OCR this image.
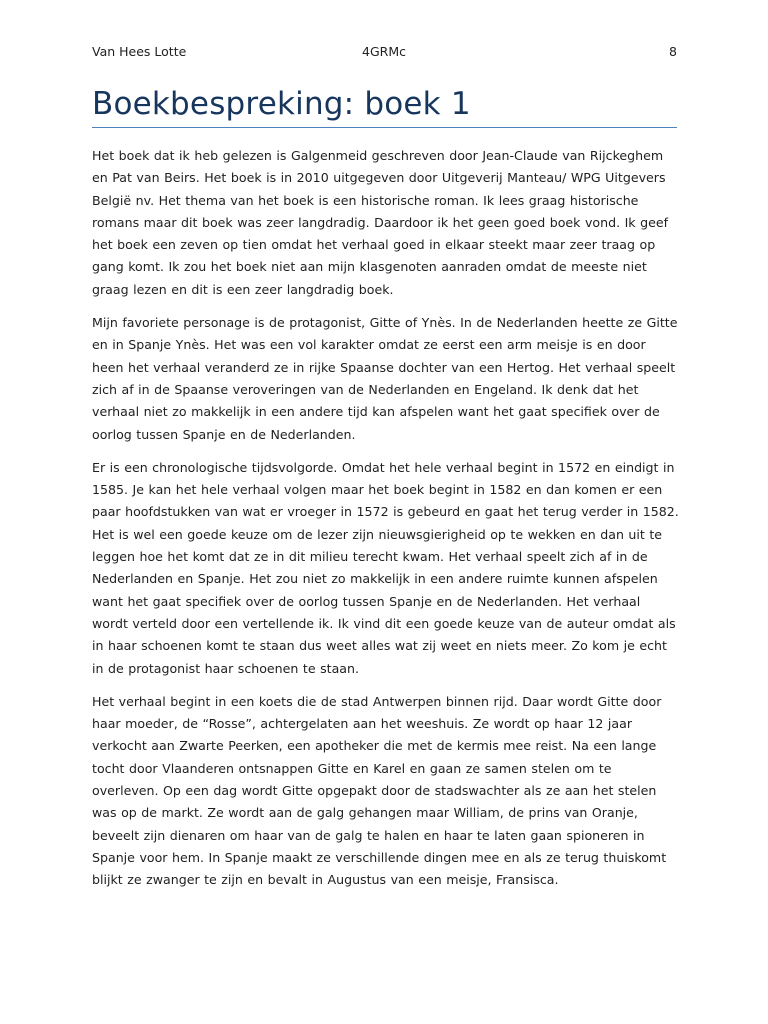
Van Hees Lotte	4GRMc	8
Boekbespreking: boek 1

Het boek dat ik heb gelezen is Galgenmeid geschreven door Jean-Claude van Rijckeghem en Pat van Beirs. Het boek is in 2010 uitgegeven door Uitgeverij Manteau/ WPG Uitgevers België nv. Het thema van het boek is een historische roman. Ik lees graag historische romans maar dit boek was zeer langdradig. Daardoor ik het geen goed boek vond. Ik geef het boek een zeven op tien omdat het verhaal goed in elkaar steekt maar zeer traag op gang komt. Ik zou het boek niet aan mijn klasgenoten aanraden omdat de meeste niet graag lezen en dit is een zeer langdradig boek.

Mijn favoriete personage is de protagonist, Gitte of Ynès. In de Nederlanden heette ze Gitte en in Spanje Ynès. Het was een vol karakter omdat ze eerst een arm meisje is en door heen het verhaal veranderd ze in rijke Spaanse dochter van een Hertog. Het verhaal speelt zich af in de Spaanse veroveringen van de Nederlanden en Engeland. Ik denk dat het verhaal niet zo makkelijk in een andere tijd kan afspelen want het gaat specifiek over de oorlog tussen Spanje en de Nederlanden.

Er is een chronologische tijdsvolgorde. Omdat het hele verhaal begint in 1572 en eindigt in 1585. Je kan het hele verhaal volgen maar het boek begint in 1582 en dan komen er een paar hoofdstukken van wat er vroeger in 1572 is gebeurd en gaat het terug verder in 1582. Het is wel een goede keuze om de lezer zijn nieuwsgierigheid op te wekken en dan uit te leggen hoe het komt dat ze in dit milieu terecht kwam. Het verhaal speelt zich af in de Nederlanden en Spanje. Het zou niet zo makkelijk in een andere ruimte kunnen afspelen want het gaat specifiek over de oorlog tussen Spanje en de Nederlanden. Het verhaal wordt verteld door een vertellende ik. Ik vind dit een goede keuze van de auteur omdat als in haar schoenen komt te staan dus weet alles wat zij weet en niets meer. Zo kom je echt in de protagonist haar schoenen te staan.

Het verhaal begint in een koets die de stad Antwerpen binnen rijd. Daar wordt Gitte door haar moeder, de “Rosse”, achtergelaten aan het weeshuis. Ze wordt op haar 12 jaar verkocht aan Zwarte Peerken, een apotheker die met de kermis mee reist. Na een lange tocht door Vlaanderen ontsnappen Gitte en Karel en gaan ze samen stelen om te overleven. Op een dag wordt Gitte opgepakt door de stadswachter als ze aan het stelen was op de markt. Ze wordt aan de galg gehangen maar William, de prins van Oranje, beveelt zijn dienaren om haar van de galg te halen en haar te laten gaan spioneren in Spanje voor hem. In Spanje maakt ze verschillende dingen mee en als ze terug thuiskomt blijkt ze zwanger te zijn en bevalt in Augustus van een meisje, Fransisca.
